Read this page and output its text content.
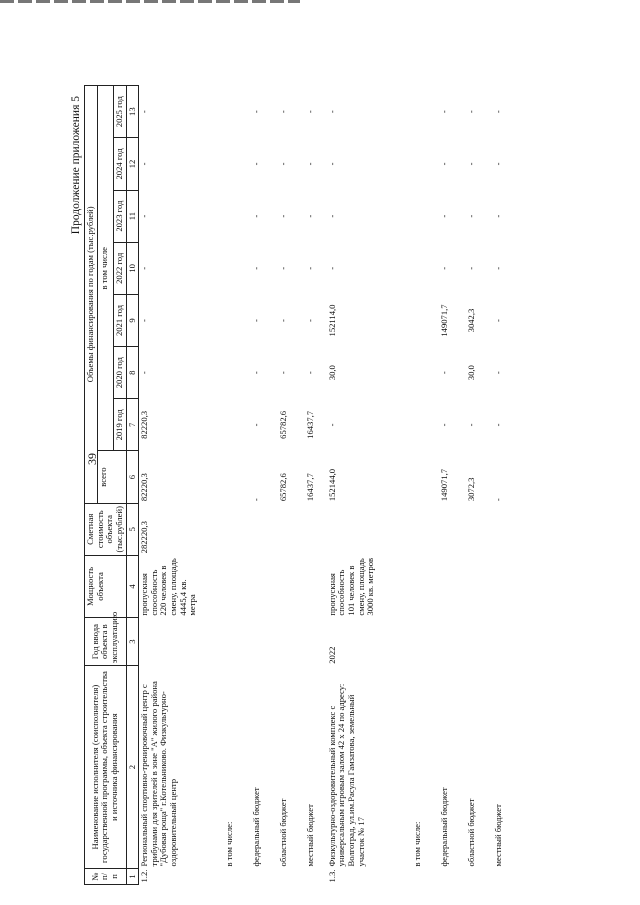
39
Продолжение приложения 5
№ п/п	Наименование исполнителя (соисполнителя) государственной программы, объекта строительства и источника финансирования	Год ввода объекта в эксплуатацию	Мощность объекта	Сметная стоимость объекта (тыс.рублей)	Объемы финансирования по годам (тыс.рублей)							
					всего	в том числе						
						2019 год	2020 год	2021 год	2022 год	2023 год	2024 год	2025 год
1	2	3	4	5	6	7	8	9	10	11	12	13
1.2.	Региональный спортивно-тренировочный центр с трибунами для зрителей в зоне "А" жилого района "Дубовая роща" г.Котельниково. Физкультурно-оздоровительный центр		пропускная способность 220 человек в смену, площадь 4445,4 кв. метра	282220,3	82220,3	82220,3	-	-	-	-	-	-
	в том числе:											
	федеральный бюджет				-	-	-	-	-	-	-	-
	областной бюджет				65782,6	65782,6	-	-	-	-	-	-
	местный бюджет				16437,7	16437,7	-	-	-	-	-	-
1.3.	Физкультурно-оздоровительный комплекс с универсальным игровым залом 42 х 24 по адресу: Волгоград, ул.им.Расула Гамзатова, земельный участок № 17	2022	пропускная способность 101 человек в смену, площадь 3000 кв. метров		152144,0	-	30,0	152114,0	-	-	-	-
	в том числе:											
	федеральный бюджет				149071,7	-	-	149071,7	-	-	-	-
	областной бюджет				3072,3	-	30,0	3042,3	-	-	-	-
	местный бюджет				-	-	-	-	-	-	-	-
